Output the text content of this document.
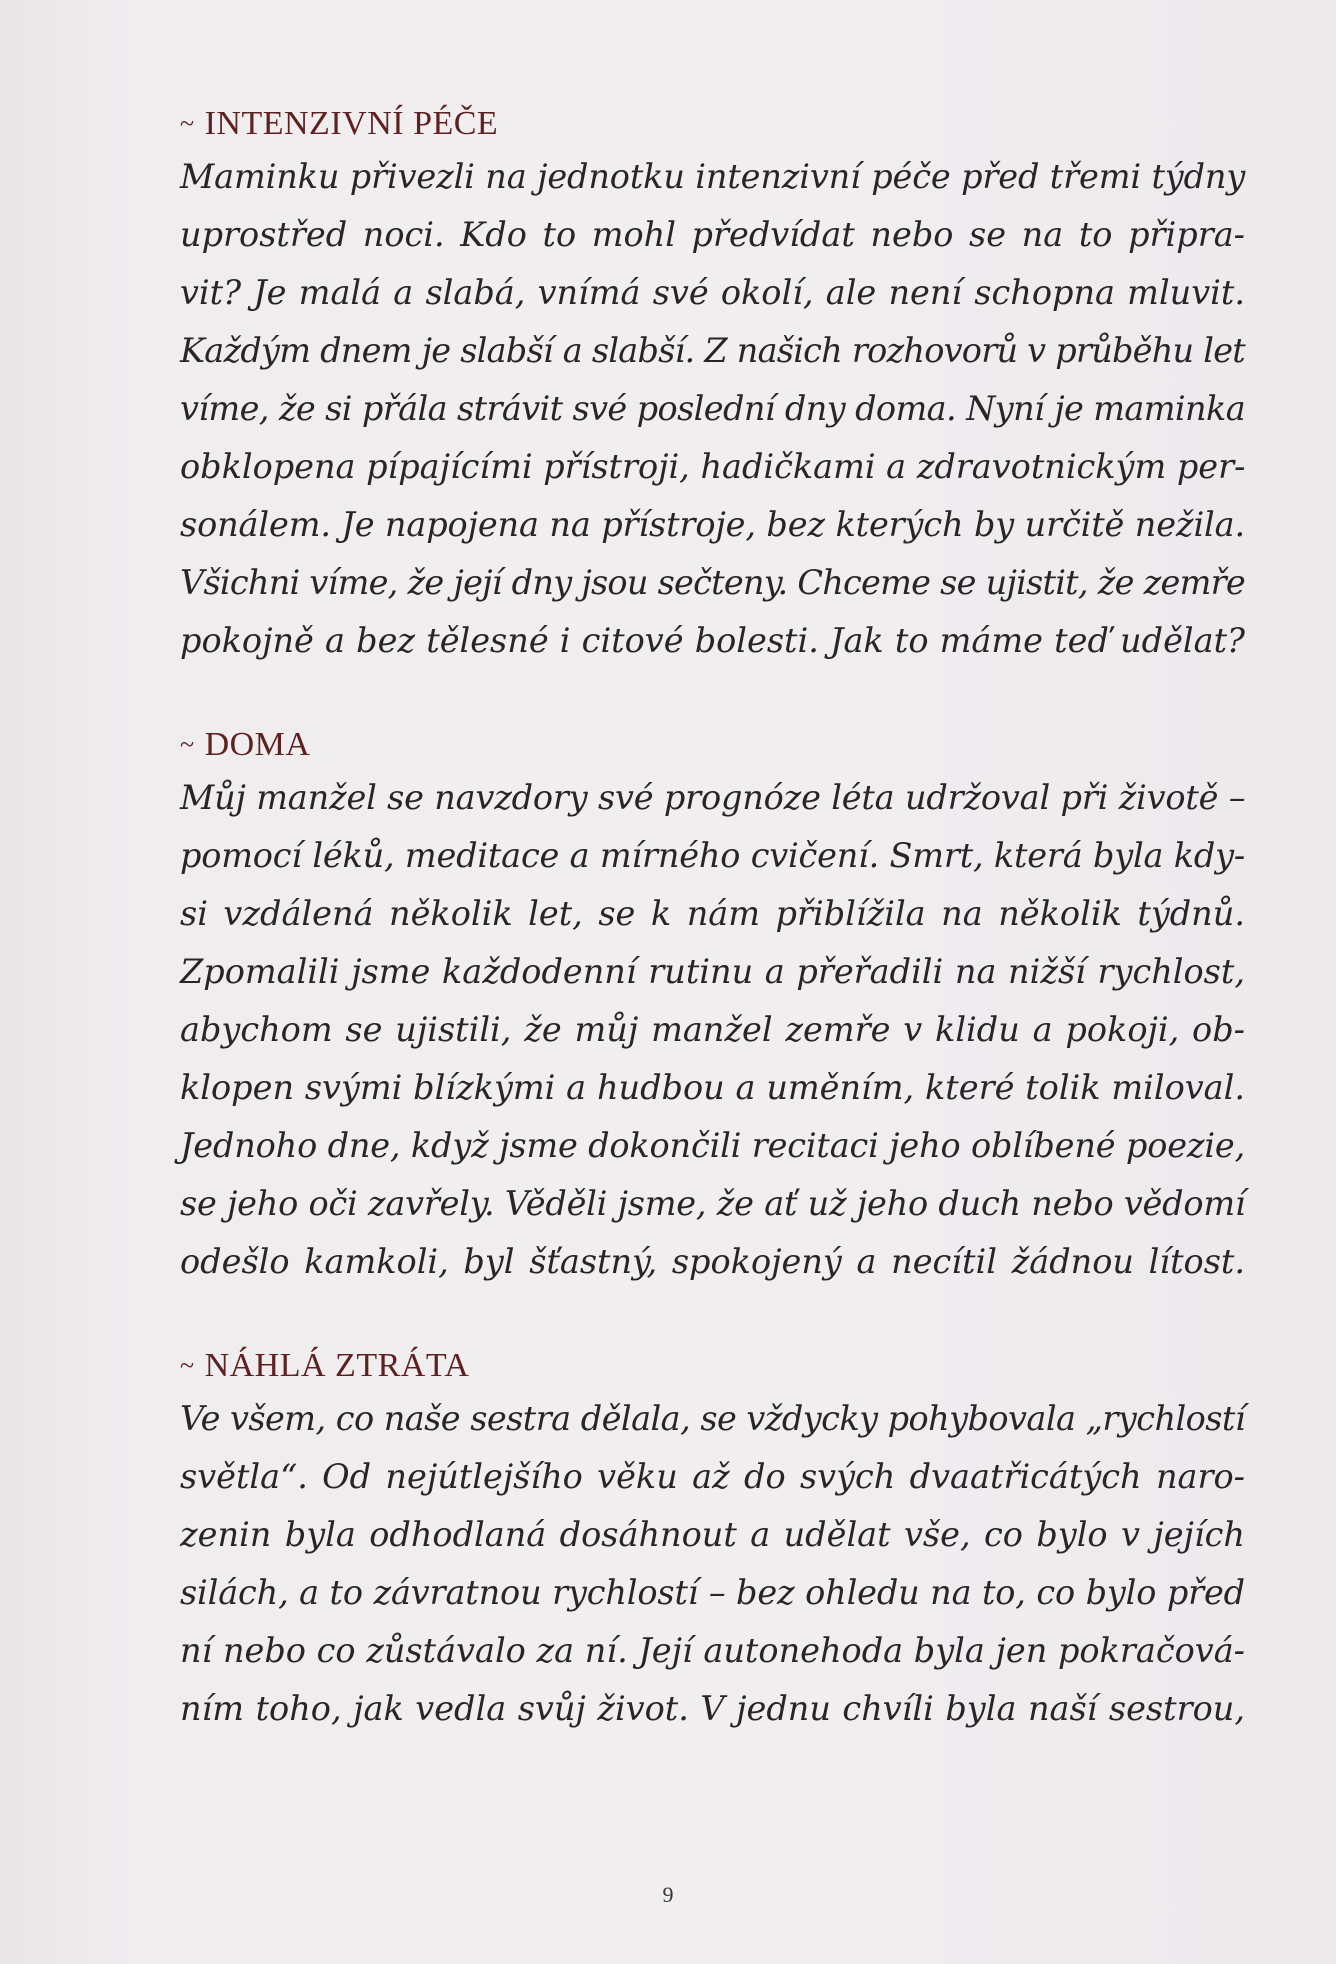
~ INTENZIVNÍ PÉČE
Maminku přivezli na jednotku intenzivní péče před třemi týdny
uprostřed noci. Kdo to mohl předvídat nebo se na to připra-
vit? Je malá a slabá, vnímá své okolí, ale není schopna mluvit.
Každým dnem je slabší a slabší. Z našich rozhovorů v průběhu let
víme, že si přála strávit své poslední dny doma. Nyní je maminka
obklopena pípajícími přístroji, hadičkami a zdravotnickým per-
sonálem. Je napojena na přístroje, bez kterých by určitě nežila.
Všichni víme, že její dny jsou sečteny. Chceme se ujistit, že zemře
pokojně a bez tělesné i citové bolesti. Jak to máme teď udělat?
~ DOMA
Můj manžel se navzdory své prognóze léta udržoval při životě –
pomocí léků, meditace a mírného cvičení. Smrt, která byla kdy-
si vzdálená několik let, se k nám přiblížila na několik týdnů.
Zpomalili jsme každodenní rutinu a přeřadili na nižší rychlost,
abychom se ujistili, že můj manžel zemře v klidu a pokoji, ob-
klopen svými blízkými a hudbou a uměním, které tolik miloval.
Jednoho dne, když jsme dokončili recitaci jeho oblíbené poezie,
se jeho oči zavřely. Věděli jsme, že ať už jeho duch nebo vědomí
odešlo kamkoli, byl šťastný, spokojený a necítil žádnou lítost.
~ NÁHLÁ ZTRÁTA
Ve všem, co naše sestra dělala, se vždycky pohybovala „rychlostí
světla“. Od nejútlejšího věku až do svých dvaatřicátých naro-
zenin byla odhodlaná dosáhnout a udělat vše, co bylo v jejích
silách, a to závratnou rychlostí – bez ohledu na to, co bylo před
ní nebo co zůstávalo za ní. Její autonehoda byla jen pokračová-
ním toho, jak vedla svůj život. V jednu chvíli byla naší sestrou,
9
